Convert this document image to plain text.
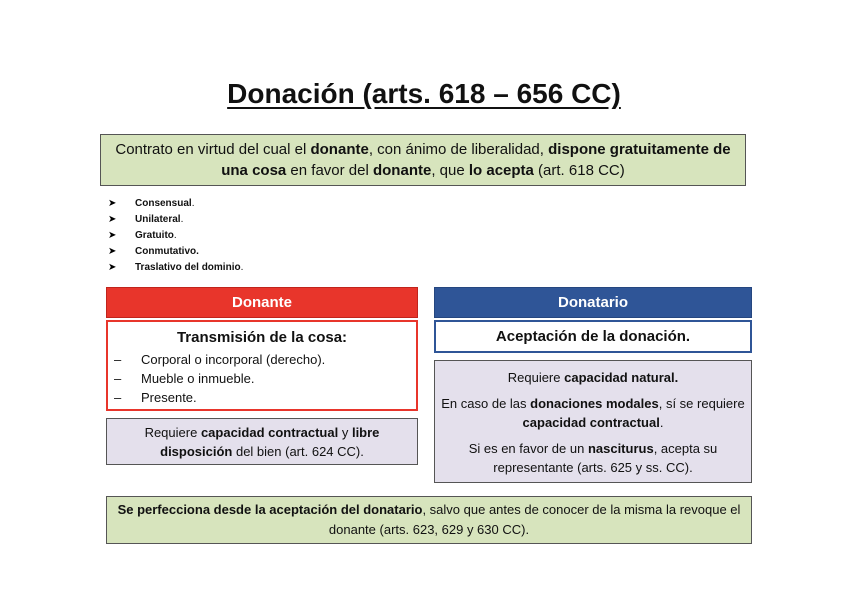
Donación (arts. 618 – 656 CC)
Contrato en virtud del cual el donante, con ánimo de liberalidad, dispone gratuitamente de una cosa en favor del donante, que lo acepta (art. 618 CC)
➤ Consensual.
➤ Unilateral.
➤ Gratuito.
➤ Conmutativo.
➤ Traslativo del dominio.
Donante	Donatario
Transmisión de la cosa:
– Corporal o incorporal (derecho).
– Mueble o inmueble.
– Presente.
Requiere capacidad contractual y libre disposición del bien (art. 624 CC).
Aceptación de la donación.

Requiere capacidad natural.

En caso de las donaciones modales, sí se requiere capacidad contractual.

Si es en favor de un nasciturus, acepta su representante (arts. 625 y ss. CC).

Se perfecciona desde la aceptación del donatario, salvo que antes de conocer de la misma la revoque el donante (arts. 623, 629 y 630 CC).
